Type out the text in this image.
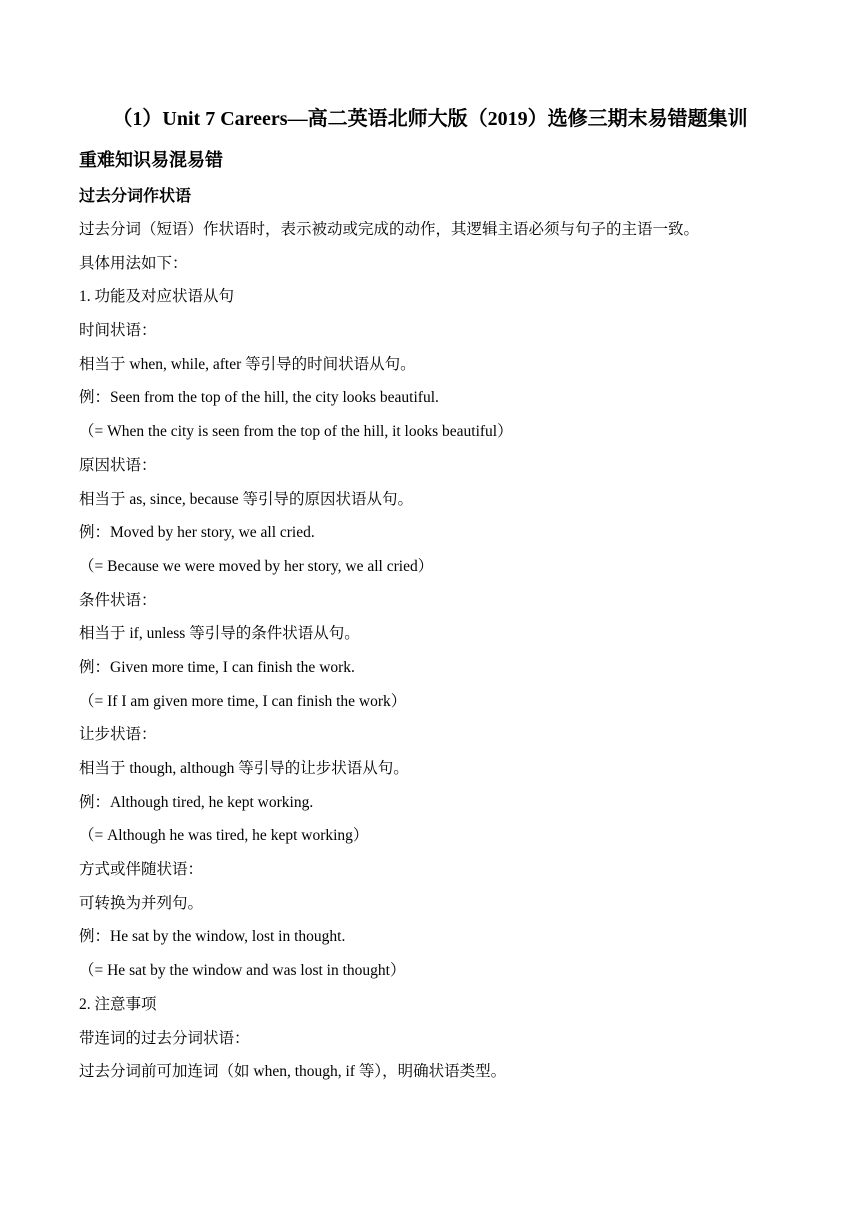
（1）Unit 7 Careers—高二英语北师大版（2019）选修三期末易错题集训
重难知识易混易错
过去分词作状语
过去分词（短语）作状语时，表示被动或完成的动作，其逻辑主语必须与句子的主语一致。
具体用法如下：
1. 功能及对应状语从句
时间状语：
相当于 when, while, after 等引导的时间状语从句。
例：Seen from the top of the hill, the city looks beautiful.
（= When the city is seen from the top of the hill, it looks beautiful）
原因状语：
相当于 as, since, because 等引导的原因状语从句。
例：Moved by her story, we all cried.
（= Because we were moved by her story, we all cried）
条件状语：
相当于 if, unless 等引导的条件状语从句。
例：Given more time, I can finish the work.
（= If I am given more time, I can finish the work）
让步状语：
相当于 though, although 等引导的让步状语从句。
例：Although tired, he kept working.
（= Although he was tired, he kept working）
方式或伴随状语：
可转换为并列句。
例：He sat by the window, lost in thought.
（= He sat by the window and was lost in thought）
2. 注意事项
带连词的过去分词状语：
过去分词前可加连词（如 when, though, if 等），明确状语类型。
